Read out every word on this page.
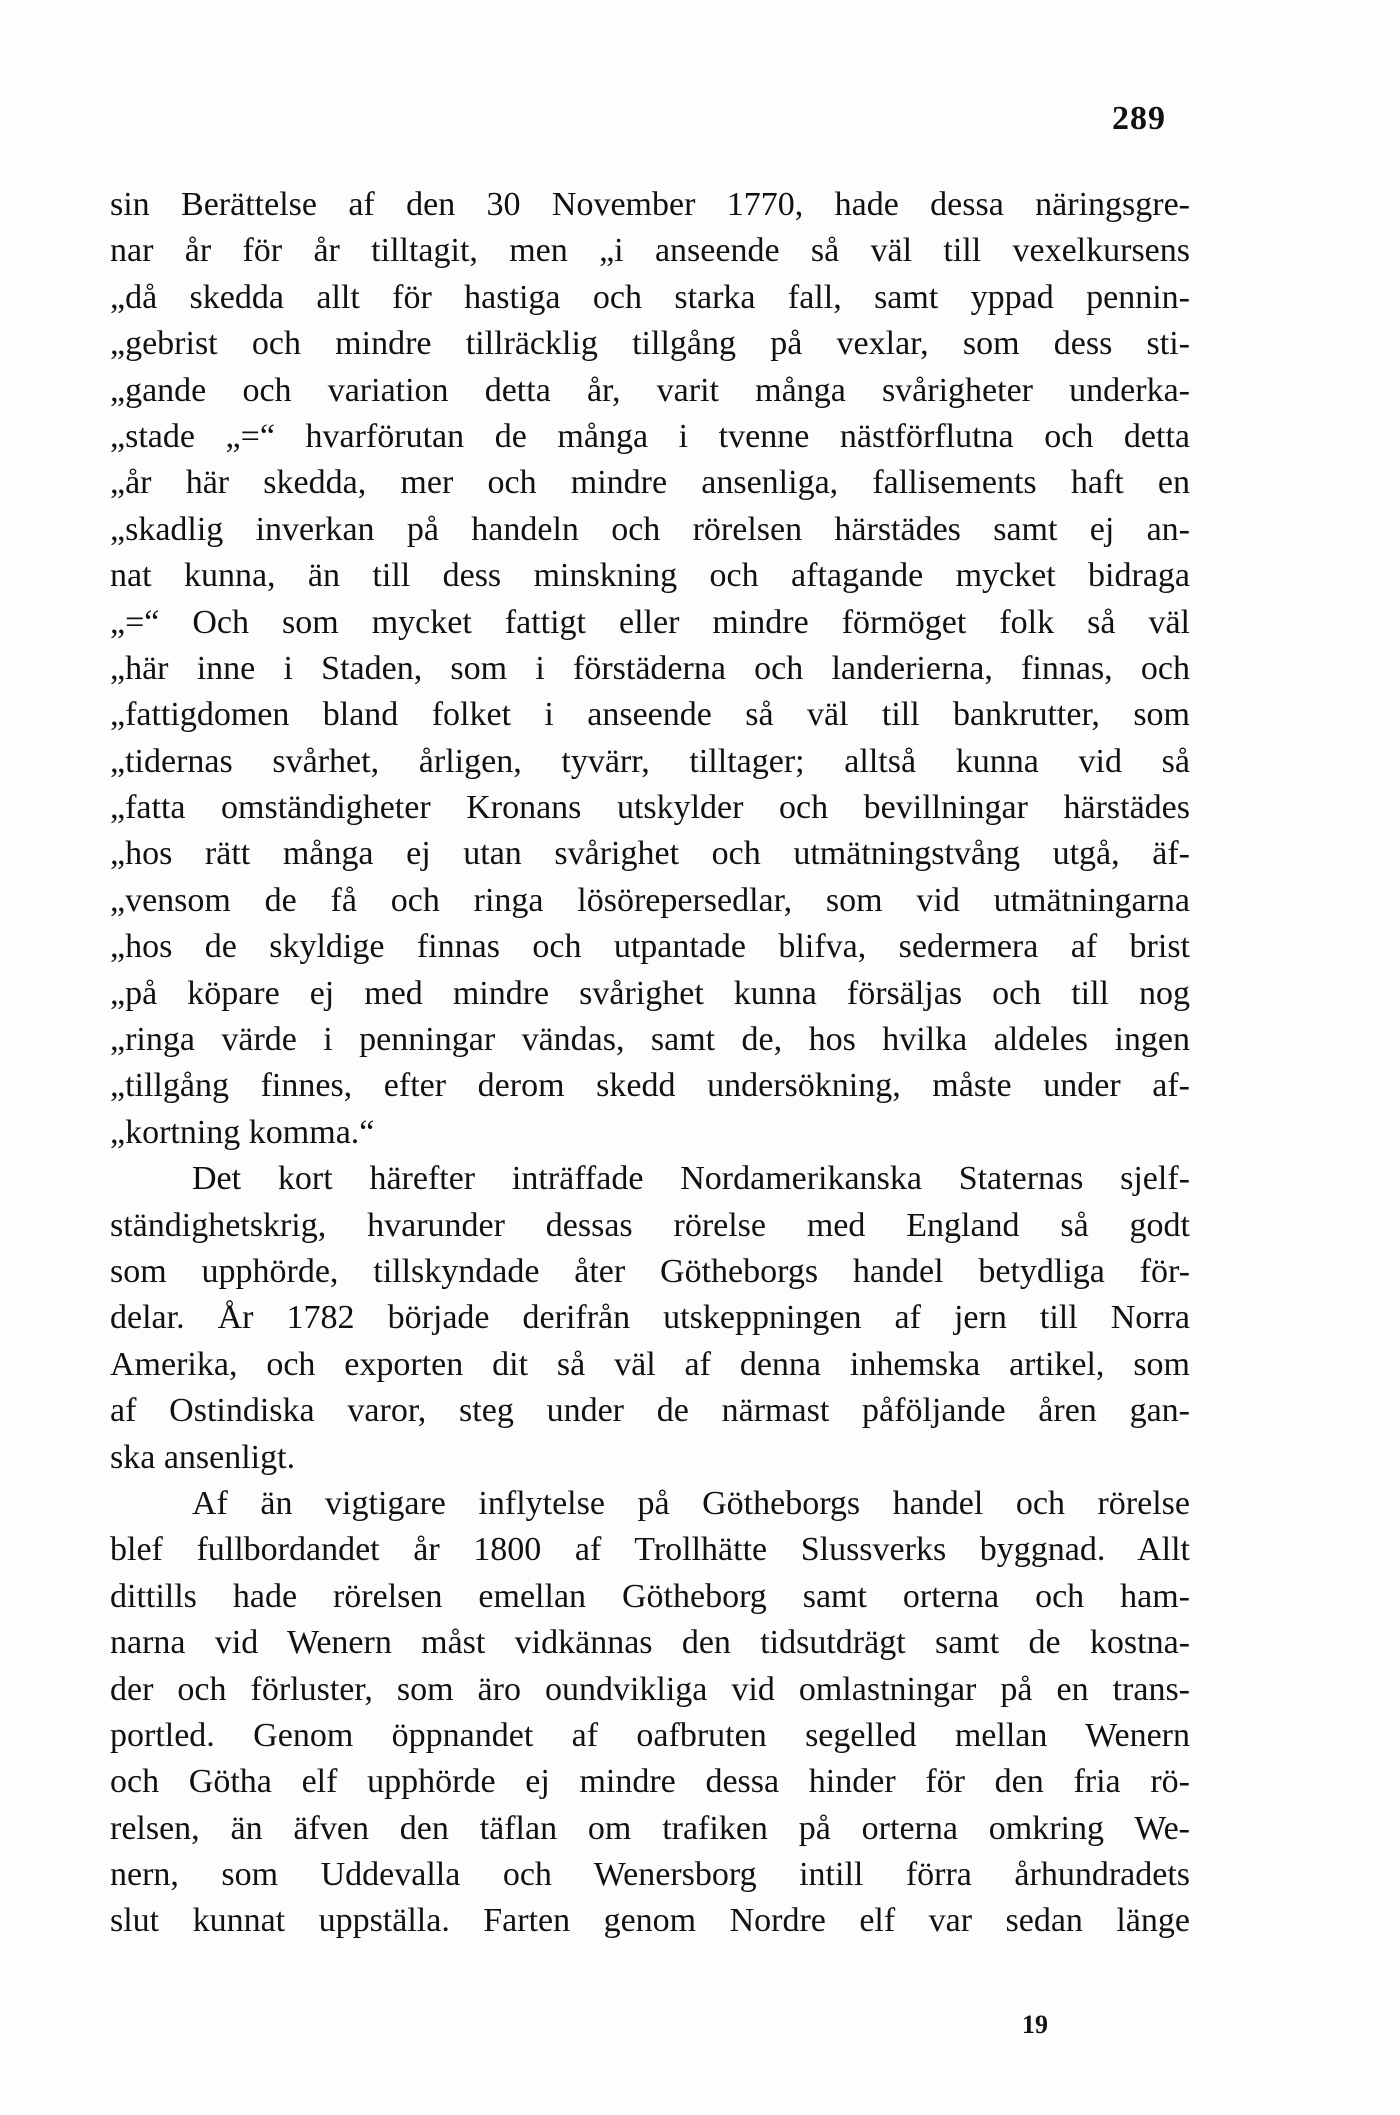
289
sin Berättelse af den 30 November 1770, hade dessa näringsgre-
nar år för år tilltagit, men „i anseende så väl till vexelkursens
„då skedda allt för hastiga och starka fall, samt yppad pennin-
„gebrist och mindre tillräcklig tillgång på vexlar, som dess sti-
„gande och variation detta år, varit många svårigheter underka-
„stade „=“ hvarförutan de många i tvenne nästförflutna och detta
„år här skedda, mer och mindre ansenliga, fallisements haft en
„skadlig inverkan på handeln och rörelsen härstädes samt ej an-
nat kunna, än till dess minskning och aftagande mycket bidraga
„=“ Och som mycket fattigt eller mindre förmöget folk så väl
„här inne i Staden, som i förstäderna och landerierna, finnas, och
„fattigdomen bland folket i anseende så väl till bankrutter, som
„tidernas svårhet, årligen, tyvärr, tilltager; alltså kunna vid så
„fatta omständigheter Kronans utskylder och bevillningar härstädes
„hos rätt många ej utan svårighet och utmätningstvång utgå, äf-
„vensom de få och ringa lösörepersedlar, som vid utmätningarna
„hos de skyldige finnas och utpantade blifva, sedermera af brist
„på köpare ej med mindre svårighet kunna försäljas och till nog
„ringa värde i penningar vändas, samt de, hos hvilka aldeles ingen
„tillgång finnes, efter derom skedd undersökning, måste under af-
„kortning komma.“
Det kort härefter inträffade Nordamerikanska Staternas sjelf-
ständighetskrig, hvarunder dessas rörelse med England så godt
som upphörde, tillskyndade åter Götheborgs handel betydliga för-
delar. År 1782 började derifrån utskeppningen af jern till Norra
Amerika, och exporten dit så väl af denna inhemska artikel, som
af Ostindiska varor, steg under de närmast påföljande åren gan-
ska ansenligt.
Af än vigtigare inflytelse på Götheborgs handel och rörelse
blef fullbordandet år 1800 af Trollhätte Slussverks byggnad. Allt
dittills hade rörelsen emellan Götheborg samt orterna och ham-
narna vid Wenern måst vidkännas den tidsutdrägt samt de kostna-
der och förluster, som äro oundvikliga vid omlastningar på en trans-
portled. Genom öppnandet af oafbruten segelled mellan Wenern
och Götha elf upphörde ej mindre dessa hinder för den fria rö-
relsen, än äfven den täflan om trafiken på orterna omkring We-
nern, som Uddevalla och Wenersborg intill förra århundradets
slut kunnat uppställa. Farten genom Nordre elf var sedan länge
19
